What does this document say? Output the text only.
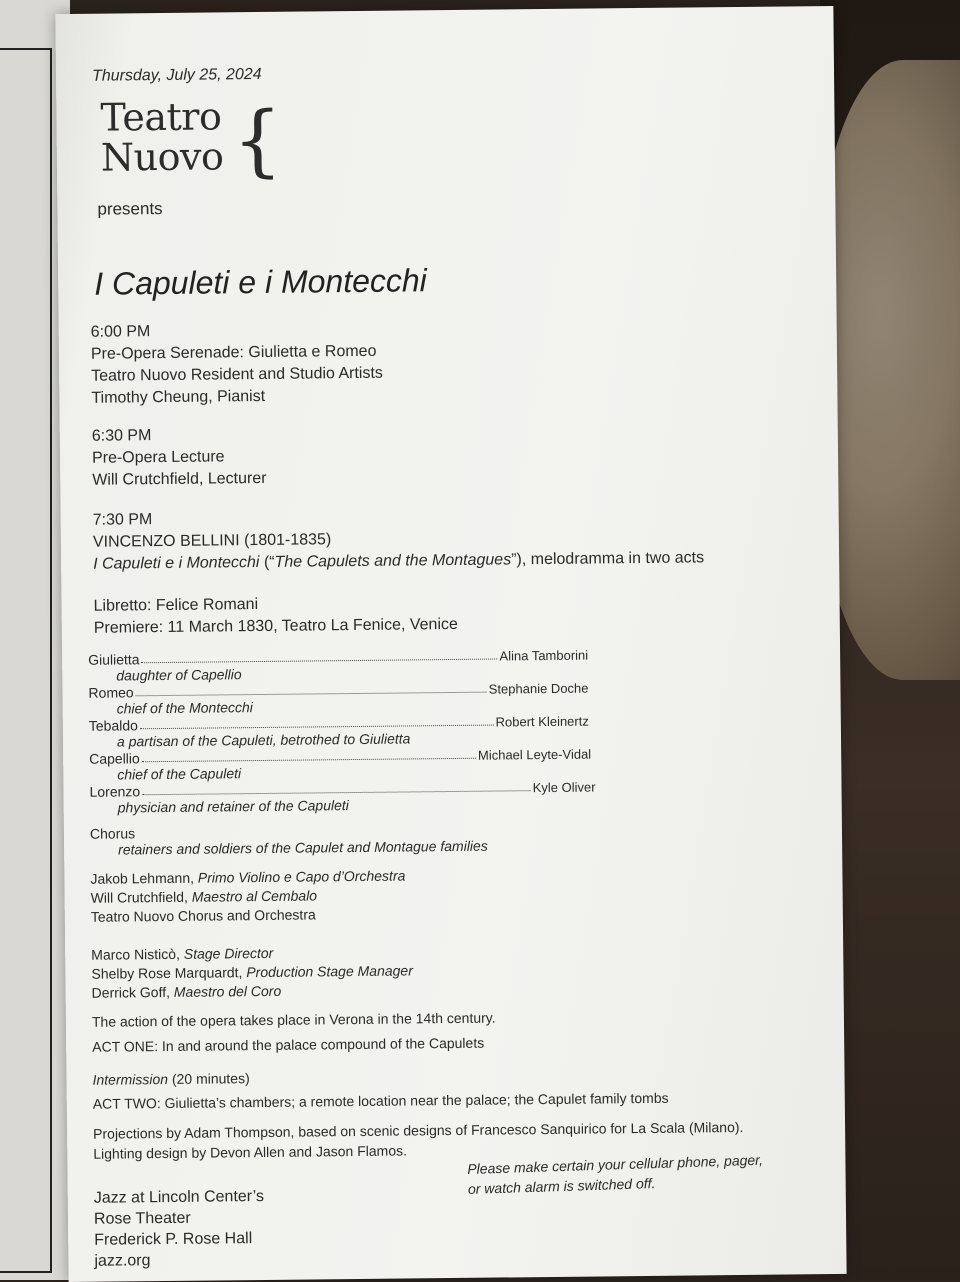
Thursday, July 25, 2024
Teatro
Nuovo {
presents
I Capuleti e i Montecchi
6:00 PM
Pre-Opera Serenade: Giulietta e Romeo
Teatro Nuovo Resident and Studio Artists
Timothy Cheung, Pianist
6:30 PM
Pre-Opera Lecture
Will Crutchfield, Lecturer
7:30 PM
VINCENZO BELLINI (1801-1835)
I Capuleti e i Montecchi (“The Capulets and the Montagues”), melodramma in two acts
Libretto: Felice Romani
Premiere: 11 March 1830, Teatro La Fenice, Venice
Giulietta	Alina Tamborini
daughter of Capellio
Romeo	Stephanie Doche
chief of the Montecchi
Tebaldo	Robert Kleinertz
a partisan of the Capuleti, betrothed to Giulietta
Capellio	Michael Leyte-Vidal
chief of the Capuleti
Lorenzo	Kyle Oliver
physician and retainer of the Capuleti
Chorus
retainers and soldiers of the Capulet and Montague families
Jakob Lehmann, Primo Violino e Capo d’Orchestra
Will Crutchfield, Maestro al Cembalo
Teatro Nuovo Chorus and Orchestra
Marco Nisticò, Stage Director
Shelby Rose Marquardt, Production Stage Manager
Derrick Goff, Maestro del Coro
The action of the opera takes place in Verona in the 14th century.
ACT ONE: In and around the palace compound of the Capulets
Intermission (20 minutes)
ACT TWO: Giulietta’s chambers; a remote location near the palace; the Capulet family tombs
Projections by Adam Thompson, based on scenic designs of Francesco Sanquirico for La Scala (Milano).
Lighting design by Devon Allen and Jason Flamos.
Jazz at Lincoln Center’s
Rose Theater
Frederick P. Rose Hall
jazz.org
Please make certain your cellular phone, pager,
or watch alarm is switched off.
